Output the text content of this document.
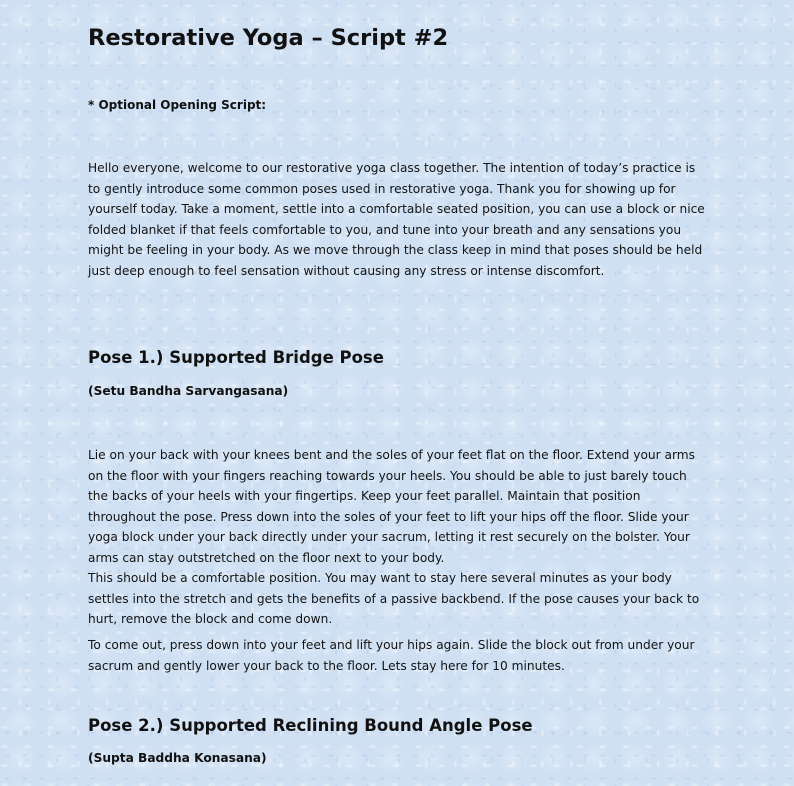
Restorative Yoga – Script #2

* Optional Opening Script:

Hello everyone, welcome to our restorative yoga class together. The intention of today’s practice is to gently introduce some common poses used in restorative yoga. Thank you for showing up for yourself today. Take a moment, settle into a comfortable seated position, you can use a block or nice folded blanket if that feels comfortable to you, and tune into your breath and any sensations you might be feeling in your body. As we move through the class keep in mind that poses should be held just deep enough to feel sensation without causing any stress or intense discomfort.

Pose 1.) Supported Bridge Pose

(Setu Bandha Sarvangasana)

Lie on your back with your knees bent and the soles of your feet flat on the floor. Extend your arms on the floor with your fingers reaching towards your heels. You should be able to just barely touch the backs of your heels with your fingertips. Keep your feet parallel. Maintain that position throughout the pose. Press down into the soles of your feet to lift your hips off the floor. Slide your yoga block under your back directly under your sacrum, letting it rest securely on the bolster. Your arms can stay outstretched on the floor next to your body.

This should be a comfortable position. You may want to stay here several minutes as your body settles into the stretch and gets the benefits of a passive backbend. If the pose causes your back to hurt, remove the block and come down.

To come out, press down into your feet and lift your hips again. Slide the block out from under your sacrum and gently lower your back to the floor. Lets stay here for 10 minutes.

Pose 2.) Supported Reclining Bound Angle Pose

(Supta Baddha Konasana)
